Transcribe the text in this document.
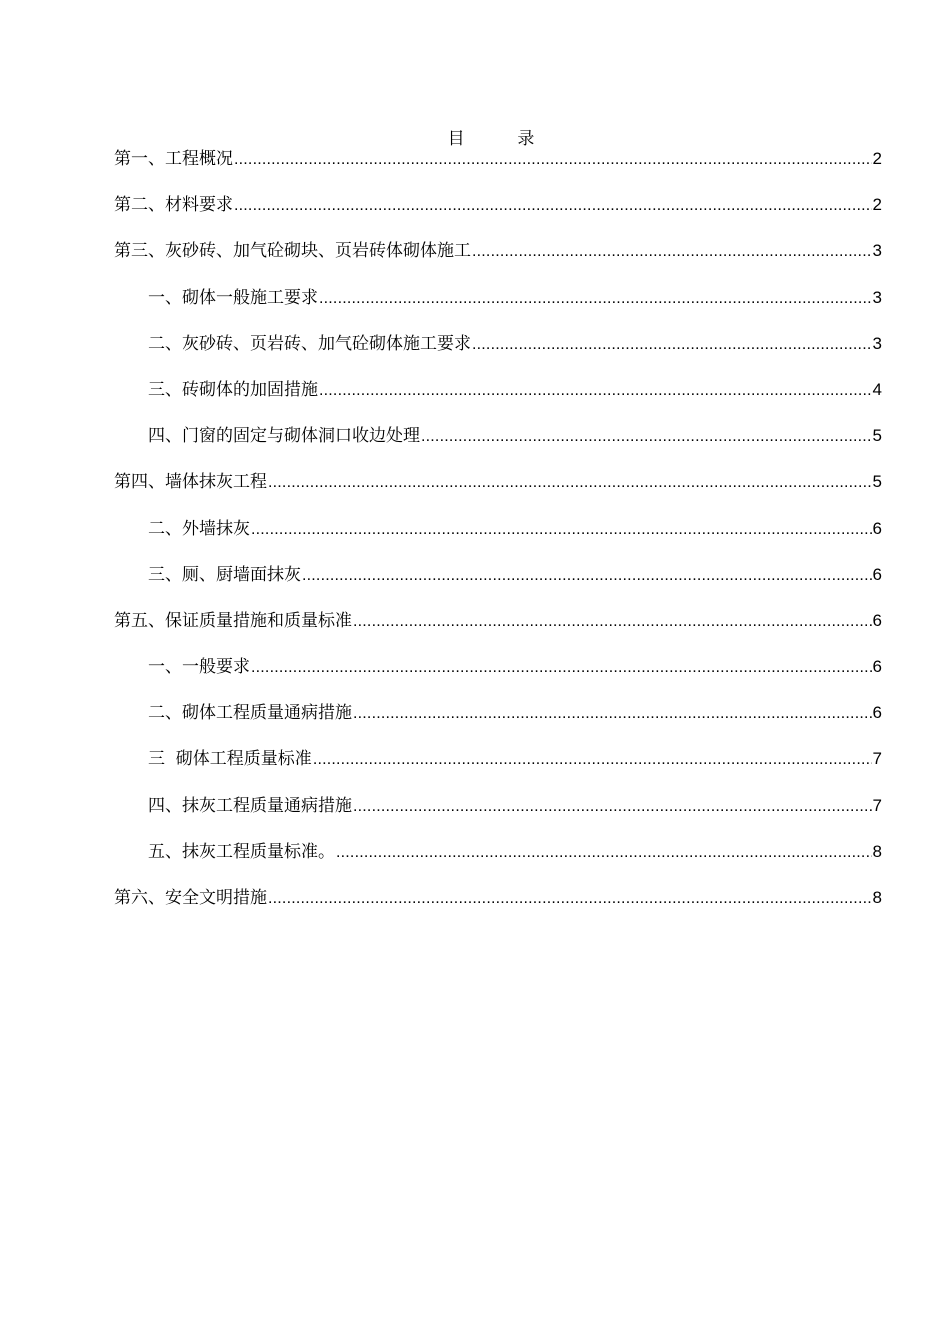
目  录
第一、工程概况 .....	2
第二、材料要求 .....	2
第三、灰砂砖、加气砼砌块、页岩砖体砌体施工 .....	3
一、砌体一般施工要求 .....	3
二、灰砂砖、页岩砖、加气砼砌体施工要求 .....	3
三、砖砌体的加固措施 .....	4
四、门窗的固定与砌体洞口收边处理 .....	5
第四、墙体抹灰工程 .....	5
二、外墙抹灰 .....	6
三、厕、厨墙面抹灰 .....	6
第五、保证质量措施和质量标准 .....	6
一、一般要求 .....	6
二、砌体工程质量通病措施 .....	6
三  砌体工程质量标准 .....	7
四、抹灰工程质量通病措施 .....	7
五、抹灰工程质量标准。 .....	8
第六、安全文明措施 .....	8
